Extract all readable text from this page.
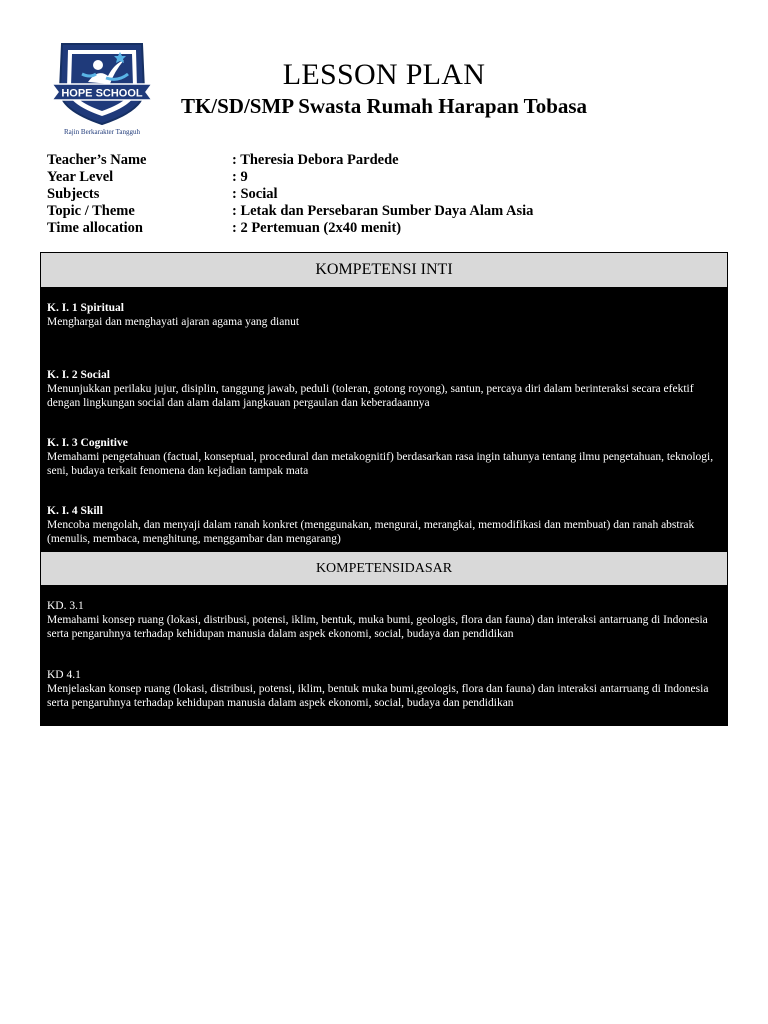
HOPE SCHOOL
Rajin Berkarakter Tangguh
LESSON PLAN
TK/SD/SMP Swasta Rumah Harapan Tobasa
Teacher’s Name	: Theresia Debora Pardede
Year Level	: 9
Subjects	: Social
Topic / Theme	: Letak dan Persebaran Sumber Daya Alam Asia
Time allocation	: 2 Pertemuan (2x40 menit)
KOMPETENSI INTI
K. I. 1 Spiritual
Menghargai dan menghayati ajaran agama yang dianut
K. I. 2 Social
Menunjukkan perilaku jujur, disiplin, tanggung jawab, peduli (toleran, gotong royong), santun, percaya diri dalam berinteraksi secara efektif dengan lingkungan social dan alam dalam jangkauan pergaulan dan keberadaannya
K. I. 3 Cognitive
Memahami pengetahuan (factual, konseptual, procedural dan metakognitif) berdasarkan rasa ingin tahunya tentang ilmu pengetahuan, teknologi, seni, budaya terkait fenomena dan kejadian tampak mata
K. I. 4 Skill
Mencoba mengolah, dan menyaji dalam ranah konkret (menggunakan, mengurai, merangkai, memodifikasi dan membuat) dan ranah abstrak (menulis, membaca, menghitung, menggambar dan mengarang)
KOMPETENSIDASAR
KD. 3.1
Memahami konsep ruang (lokasi, distribusi, potensi, iklim, bentuk, muka bumi, geologis, flora dan fauna) dan interaksi antarruang di Indonesia serta pengaruhnya terhadap kehidupan manusia dalam aspek ekonomi, social, budaya dan pendidikan
KD 4.1
Menjelaskan konsep ruang (lokasi, distribusi, potensi, iklim, bentuk muka bumi,geologis, flora dan fauna) dan interaksi antarruang di Indonesia serta pengaruhnya terhadap kehidupan manusia dalam aspek ekonomi, social, budaya dan pendidikan
